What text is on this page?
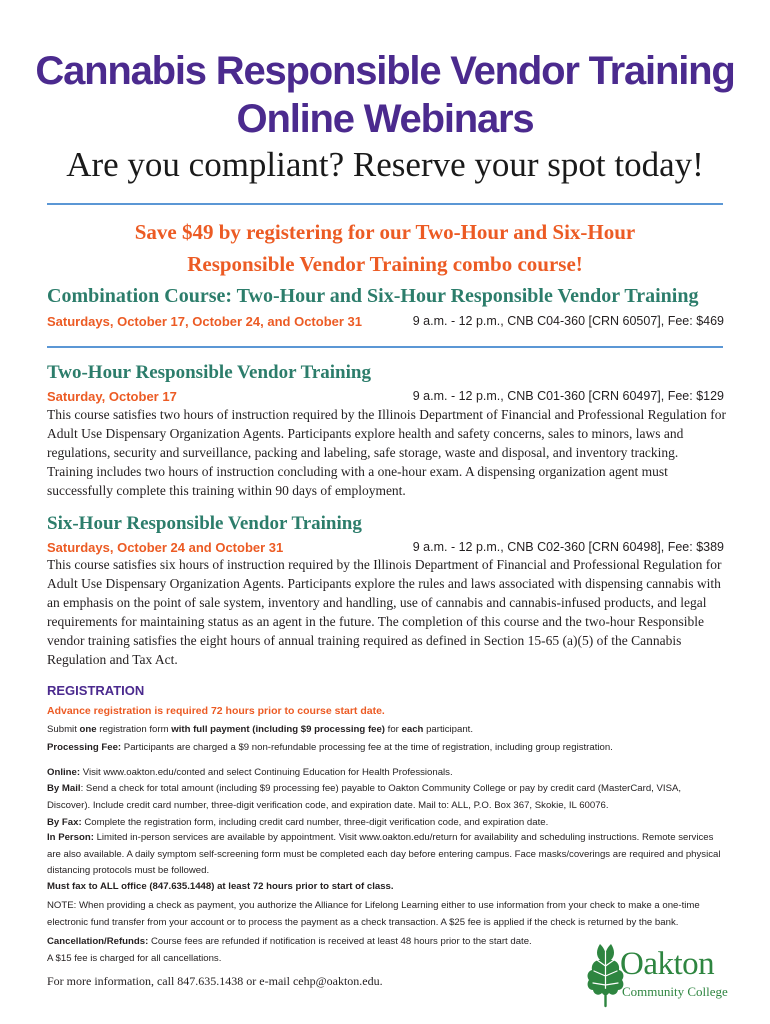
Cannabis Responsible Vendor Training
Online Webinars
Are you compliant? Reserve your spot today!
Save $49 by registering for our Two-Hour and Six-Hour
Responsible Vendor Training combo course!
Combination Course: Two-Hour and Six-Hour Responsible Vendor Training
Saturdays, October 17, October 24, and October 31	9 a.m. - 12 p.m., CNB C04-360 [CRN 60507], Fee: $469
Two-Hour Responsible Vendor Training
Saturday, October 17	9 a.m. - 12 p.m., CNB C01-360 [CRN 60497], Fee: $129
This course satisfies two hours of instruction required by the Illinois Department of Financial and Professional Regulation for Adult Use Dispensary Organization Agents. Participants explore health and safety concerns, sales to minors, laws and regulations, security and surveillance, packing and labeling, safe storage, waste and disposal, and inventory tracking. Training includes two hours of instruction concluding with a one-hour exam. A dispensing organization agent must successfully complete this training within 90 days of employment.
Six-Hour Responsible Vendor Training
Saturdays, October 24 and October 31	9 a.m. - 12 p.m., CNB C02-360 [CRN 60498], Fee: $389
This course satisfies six hours of instruction required by the Illinois Department of Financial and Professional Regulation for Adult Use Dispensary Organization Agents. Participants explore the rules and laws associated with dispensing cannabis with an emphasis on the point of sale system, inventory and handling, use of cannabis and cannabis-infused products, and legal requirements for maintaining status as an agent in the future. The completion of this course and the two-hour Responsible vendor training satisfies the eight hours of annual training required as defined in Section 15-65 (a)(5) of the Cannabis Regulation and Tax Act.
REGISTRATION
Advance registration is required 72 hours prior to course start date.
Submit one registration form with full payment (including $9 processing fee) for each participant.
Processing Fee: Participants are charged a $9 non-refundable processing fee at the time of registration, including group registration.
Online: Visit www.oakton.edu/conted and select Continuing Education for Health Professionals.
By Mail: Send a check for total amount (including $9 processing fee) payable to Oakton Community College or pay by credit card (MasterCard, VISA, Discover). Include credit card number, three-digit verification code, and expiration date. Mail to: ALL, P.O. Box 367, Skokie, IL 60076.
By Fax: Complete the registration form, including credit card number, three-digit verification code, and expiration date.
In Person: Limited in-person services are available by appointment. Visit www.oakton.edu/return for availability and scheduling instructions. Remote services are also available. A daily symptom self-screening form must be completed each day before entering campus. Face masks/coverings are required and physical distancing protocols must be followed.
Must fax to ALL office (847.635.1448) at least 72 hours prior to start of class.
NOTE: When providing a check as payment, you authorize the Alliance for Lifelong Learning either to use information from your check to make a one-time electronic fund transfer from your account or to process the payment as a check transaction. A $25 fee is applied if the check is returned by the bank.
Cancellation/Refunds: Course fees are refunded if notification is received at least 48 hours prior to the start date.
A $15 fee is charged for all cancellations.
For more information, call 847.635.1438 or e-mail cehp@oakton.edu.	Oakton
Community College
